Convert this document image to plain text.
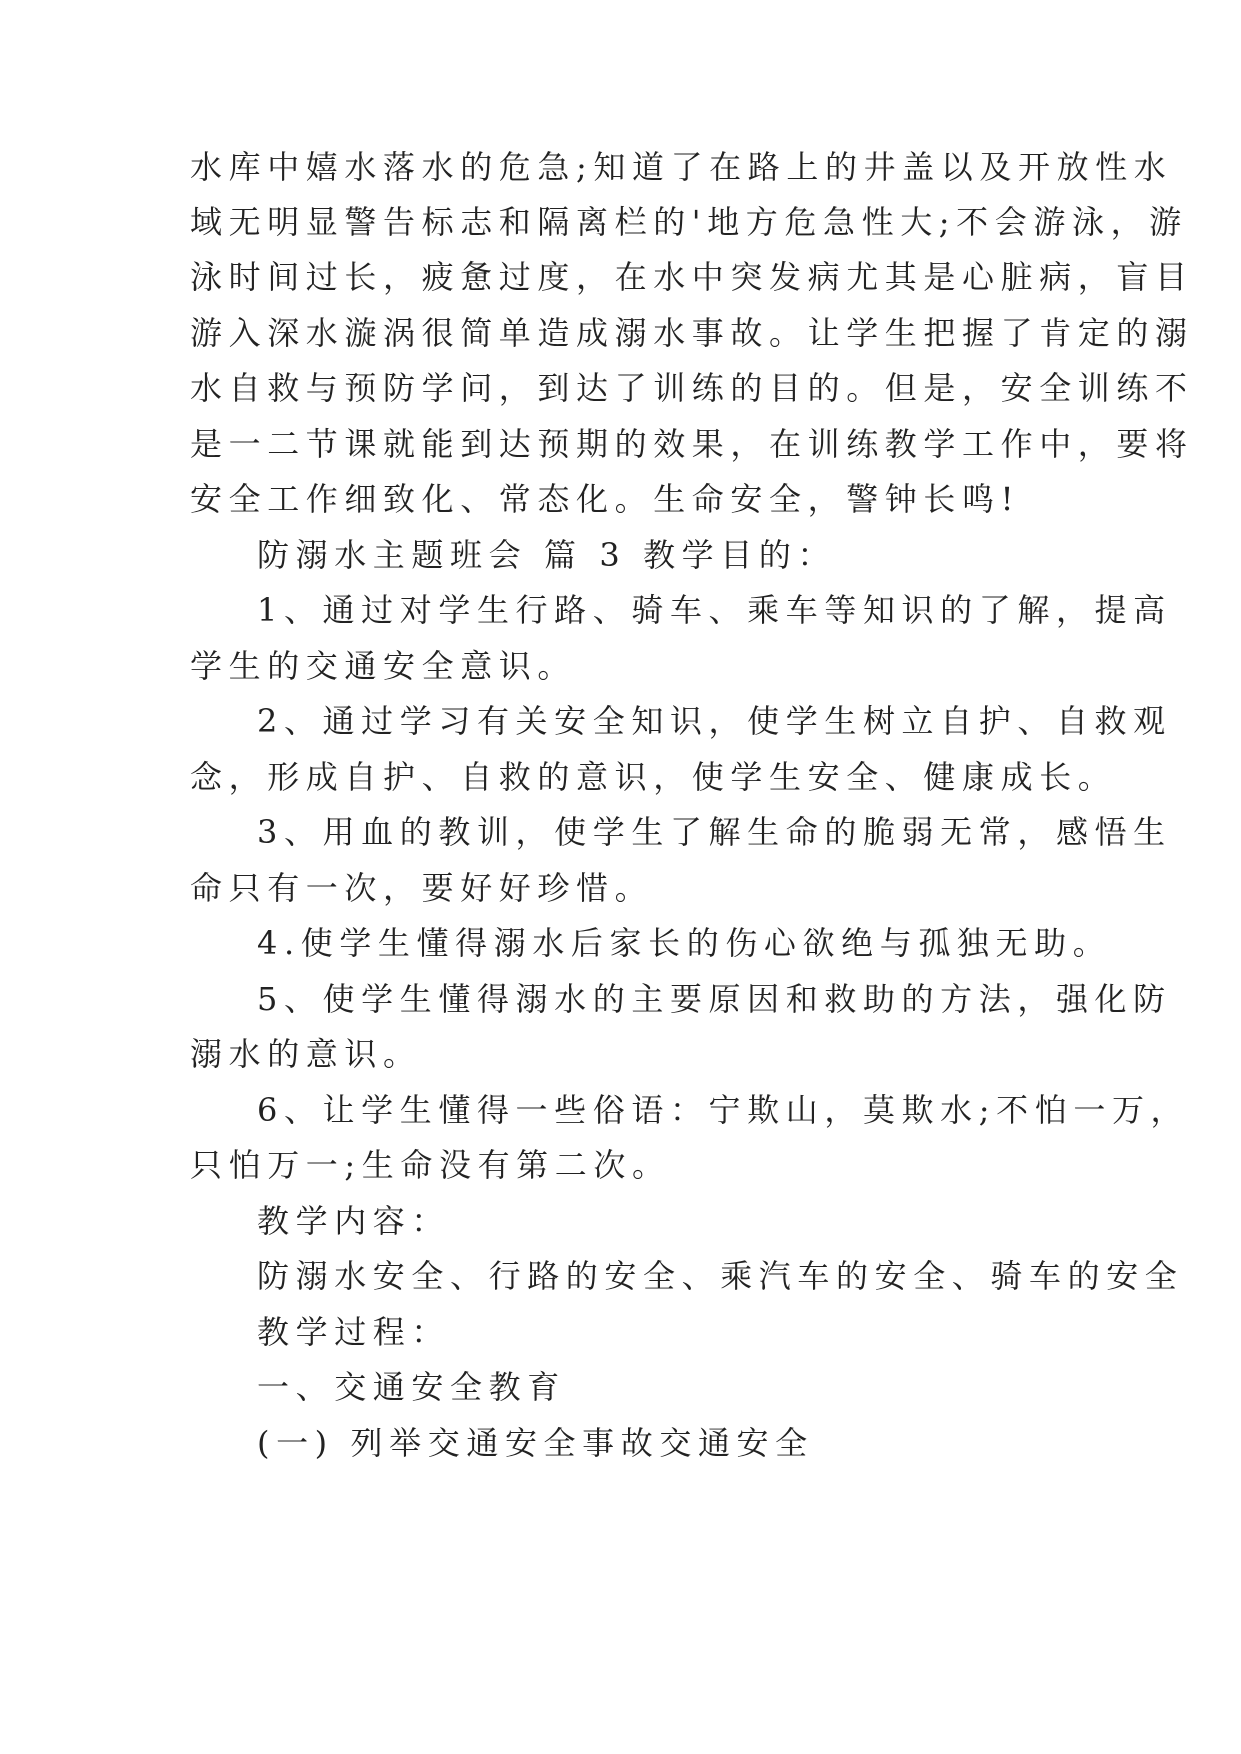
水库中嬉水落水的危急;知道了在路上的井盖以及开放性水
域无明显警告标志和隔离栏的'地方危急性大;不会游泳，游
泳时间过长，疲惫过度，在水中突发病尤其是心脏病，盲目
游入深水漩涡很简单造成溺水事故。让学生把握了肯定的溺
水自救与预防学问，到达了训练的目的。但是，安全训练不
是一二节课就能到达预期的效果，在训练教学工作中，要将
安全工作细致化、常态化。生命安全，警钟长鸣!
防溺水主题班会 篇 3 教学目的：
1、通过对学生行路、骑车、乘车等知识的了解，提高
学生的交通安全意识。
2、通过学习有关安全知识，使学生树立自护、自救观
念，形成自护、自救的意识，使学生安全、健康成长。
3、用血的教训，使学生了解生命的脆弱无常，感悟生
命只有一次，要好好珍惜。
4.使学生懂得溺水后家长的伤心欲绝与孤独无助。
5、使学生懂得溺水的主要原因和救助的方法，强化防
溺水的意识。
6、让学生懂得一些俗语：宁欺山，莫欺水;不怕一万，
只怕万一;生命没有第二次。
教学内容：
防溺水安全、行路的安全、乘汽车的安全、骑车的安全
教学过程：
一、交通安全教育
(一) 列举交通安全事故交通安全
